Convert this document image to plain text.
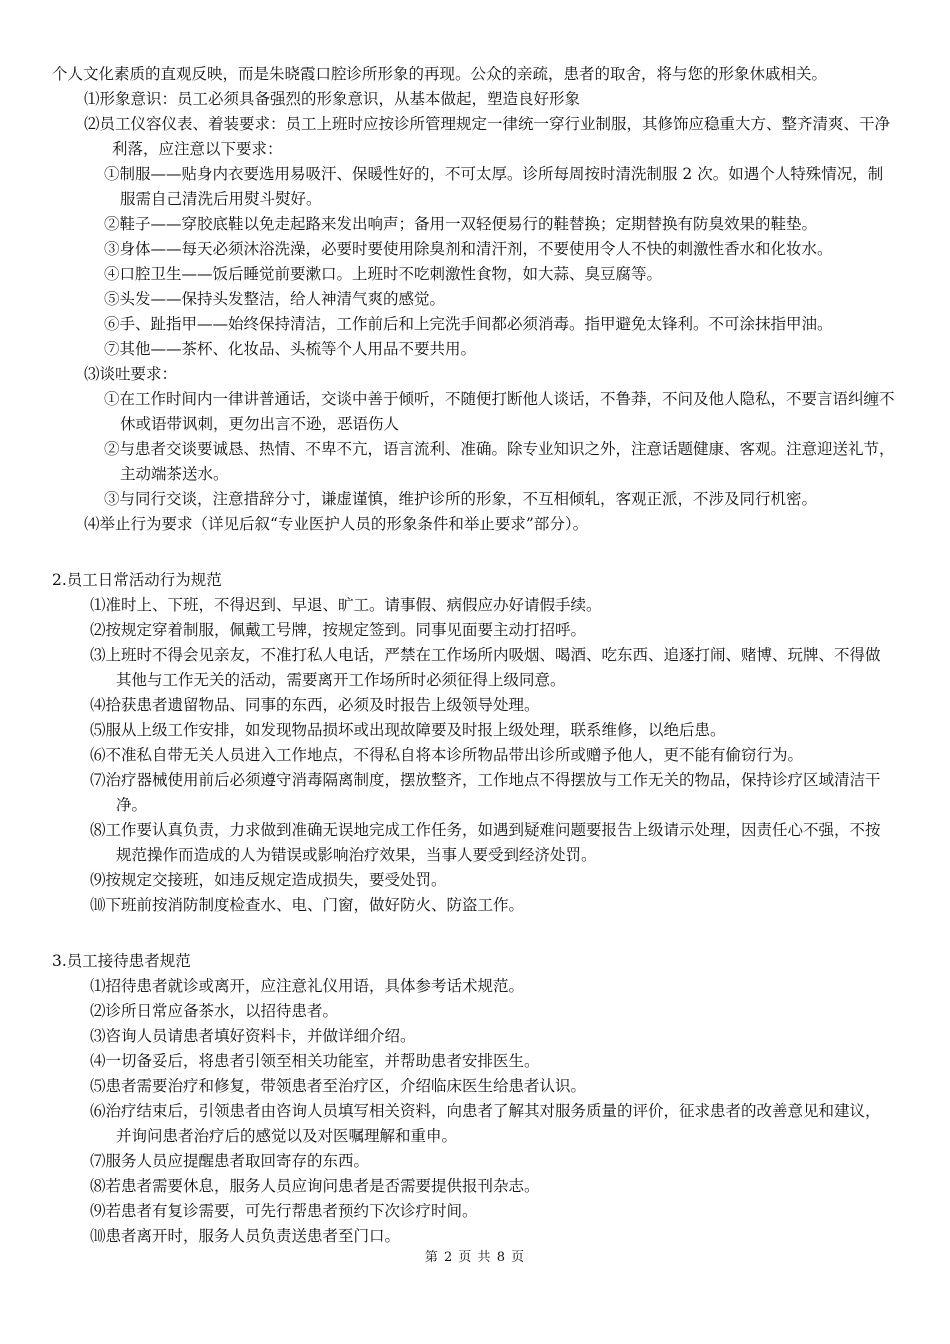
个人文化素质的直观反映，而是朱晓霞口腔诊所形象的再现。公众的亲疏，患者的取舍，将与您的形象休戚相关。
⑴形象意识：员工必须具备强烈的形象意识，从基本做起，塑造良好形象
⑵员工仪容仪表、着装要求：员工上班时应按诊所管理规定一律统一穿行业制服，其修饰应稳重大方、整齐清爽、干净利落，应注意以下要求：
①制服——贴身内衣要选用易吸汗、保暖性好的，不可太厚。诊所每周按时清洗制服 2 次。如遇个人特殊情况，制服需自己清洗后用熨斗熨好。
②鞋子——穿胶底鞋以免走起路来发出响声；备用一双轻便易行的鞋替换；定期替换有防臭效果的鞋垫。
③身体——每天必须沐浴洗澡，必要时要使用除臭剂和清汗剂，不要使用令人不快的刺激性香水和化妆水。
④口腔卫生——饭后睡觉前要漱口。上班时不吃刺激性食物，如大蒜、臭豆腐等。
⑤头发——保持头发整洁，给人神清气爽的感觉。
⑥手、趾指甲——始终保持清洁，工作前后和上完洗手间都必须消毒。指甲避免太锋利。不可涂抹指甲油。
⑦其他——茶杯、化妆品、头梳等个人用品不要共用。
⑶谈吐要求：
①在工作时间内一律讲普通话，交谈中善于倾听，不随便打断他人谈话，不鲁莽，不问及他人隐私，不要言语纠缠不休或语带讽刺，更勿出言不逊，恶语伤人
②与患者交谈要诚恳、热情、不卑不亢，语言流利、准确。除专业知识之外，注意话题健康、客观。注意迎送礼节，主动端茶送水。
③与同行交谈，注意措辞分寸，谦虚谨慎，维护诊所的形象，不互相倾轧，客观正派，不涉及同行机密。
⑷举止行为要求（详见后叙“专业医护人员的形象条件和举止要求”部分）。
2.员工日常活动行为规范
⑴准时上、下班，不得迟到、早退、旷工。请事假、病假应办好请假手续。
⑵按规定穿着制服，佩戴工号牌，按规定签到。同事见面要主动打招呼。
⑶上班时不得会见亲友，不准打私人电话，严禁在工作场所内吸烟、喝酒、吃东西、追逐打闹、赌博、玩牌、不得做其他与工作无关的活动，需要离开工作场所时必须征得上级同意。
⑷拾获患者遗留物品、同事的东西，必须及时报告上级领导处理。
⑸服从上级工作安排，如发现物品损坏或出现故障要及时报上级处理，联系维修，以绝后患。
⑹不准私自带无关人员进入工作地点，不得私自将本诊所物品带出诊所或赠予他人，更不能有偷窃行为。
⑺治疗器械使用前后必须遵守消毒隔离制度，摆放整齐，工作地点不得摆放与工作无关的物品，保持诊疗区域清洁干净。
⑻工作要认真负责，力求做到准确无误地完成工作任务，如遇到疑难问题要报告上级请示处理，因责任心不强，不按规范操作而造成的人为错误或影响治疗效果，当事人要受到经济处罚。
⑼按规定交接班，如违反规定造成损失，要受处罚。
⑽下班前按消防制度检查水、电、门窗，做好防火、防盗工作。
3.员工接待患者规范
⑴招待患者就诊或离开，应注意礼仪用语，具体参考话术规范。
⑵诊所日常应备茶水，以招待患者。
⑶咨询人员请患者填好资料卡，并做详细介绍。
⑷一切备妥后，将患者引领至相关功能室，并帮助患者安排医生。
⑸患者需要治疗和修复，带领患者至治疗区，介绍临床医生给患者认识。
⑹治疗结束后，引领患者由咨询人员填写相关资料，向患者了解其对服务质量的评价，征求患者的改善意见和建议，并询问患者治疗后的感觉以及对医嘱理解和重申。
⑺服务人员应提醒患者取回寄存的东西。
⑻若患者需要休息，服务人员应询问患者是否需要提供报刊杂志。
⑼若患者有复诊需要，可先行帮患者预约下次诊疗时间。
⑽患者离开时，服务人员负责送患者至门口。
第 2 页 共 8 页
